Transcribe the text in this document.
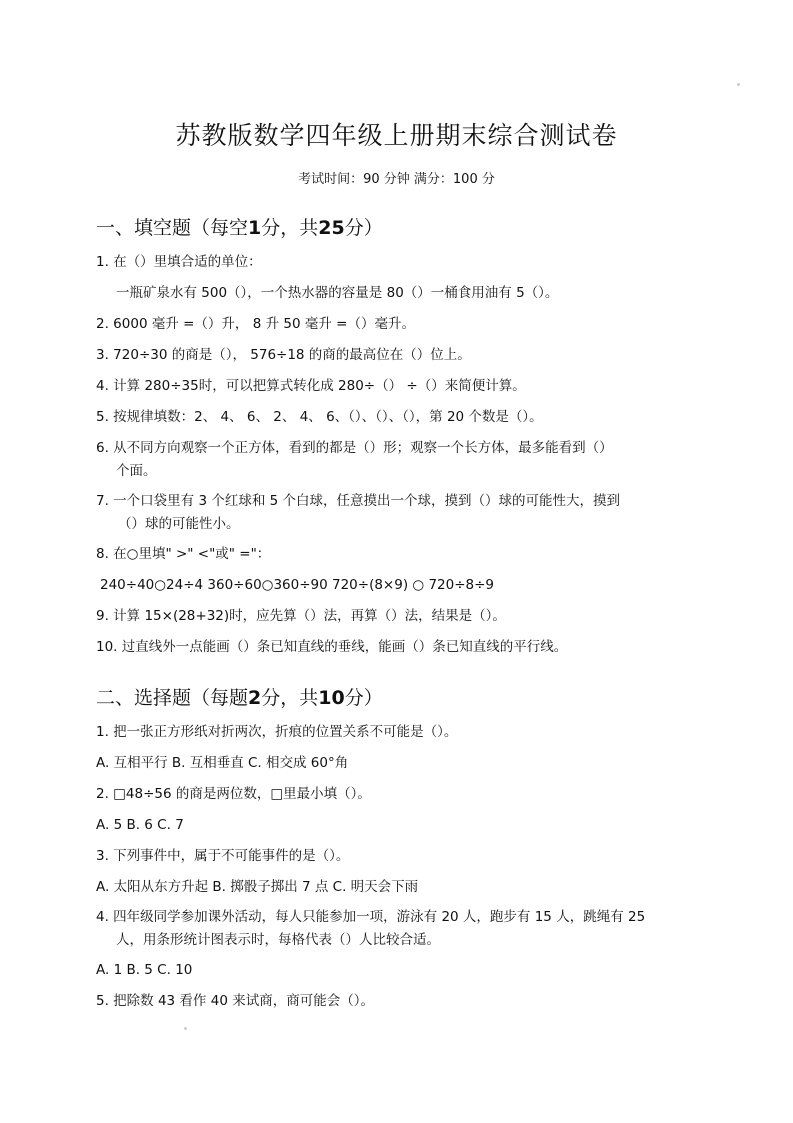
苏教版数学四年级上册期末综合测试卷
考试时间：90 分钟 满分：100 分
一、填空题（每空1分，共25分）
1. 在（）里填合适的单位：
一瓶矿泉水有 500（），一个热水器的容量是 80（）一桶食用油有 5（）。
2. 6000 毫升 =（）升， 8 升 50 毫升 =（）毫升。
3. 720÷30 的商是（）， 576÷18 的商的最高位在（）位上。
4. 计算 280÷35时，可以把算式转化成 280÷（） ÷（）来简便计算。
5. 按规律填数：2、 4、 6、 2、 4、 6、（）、（）、（），第 20 个数是（）。
6. 从不同方向观察一个正方体，看到的都是（）形；观察一个长方体，最多能看到（）
个面。
7. 一个口袋里有 3 个红球和 5 个白球，任意摸出一个球，摸到（）球的可能性大，摸到
（）球的可能性小。
8. 在○里填" >" <"或" ="：
240÷40○24÷4 360÷60○360÷90 720÷(8×9) ○ 720÷8÷9
9. 计算 15×(28+32)时，应先算（）法，再算（）法，结果是（）。
10. 过直线外一点能画（）条已知直线的垂线，能画（）条已知直线的平行线。
二、选择题（每题2分，共10分）
1. 把一张正方形纸对折两次，折痕的位置关系不可能是（）。
A. 互相平行 B. 互相垂直 C. 相交成 60°角
2. □48÷56 的商是两位数，□里最小填（）。
A. 5 B. 6 C. 7
3. 下列事件中，属于不可能事件的是（）。
A. 太阳从东方升起 B. 掷骰子掷出 7 点 C. 明天会下雨
4. 四年级同学参加课外活动，每人只能参加一项，游泳有 20 人，跑步有 15 人，跳绳有 25
人，用条形统计图表示时，每格代表（）人比较合适。
A. 1 B. 5 C. 10
5. 把除数 43 看作 40 来试商，商可能会（）。
